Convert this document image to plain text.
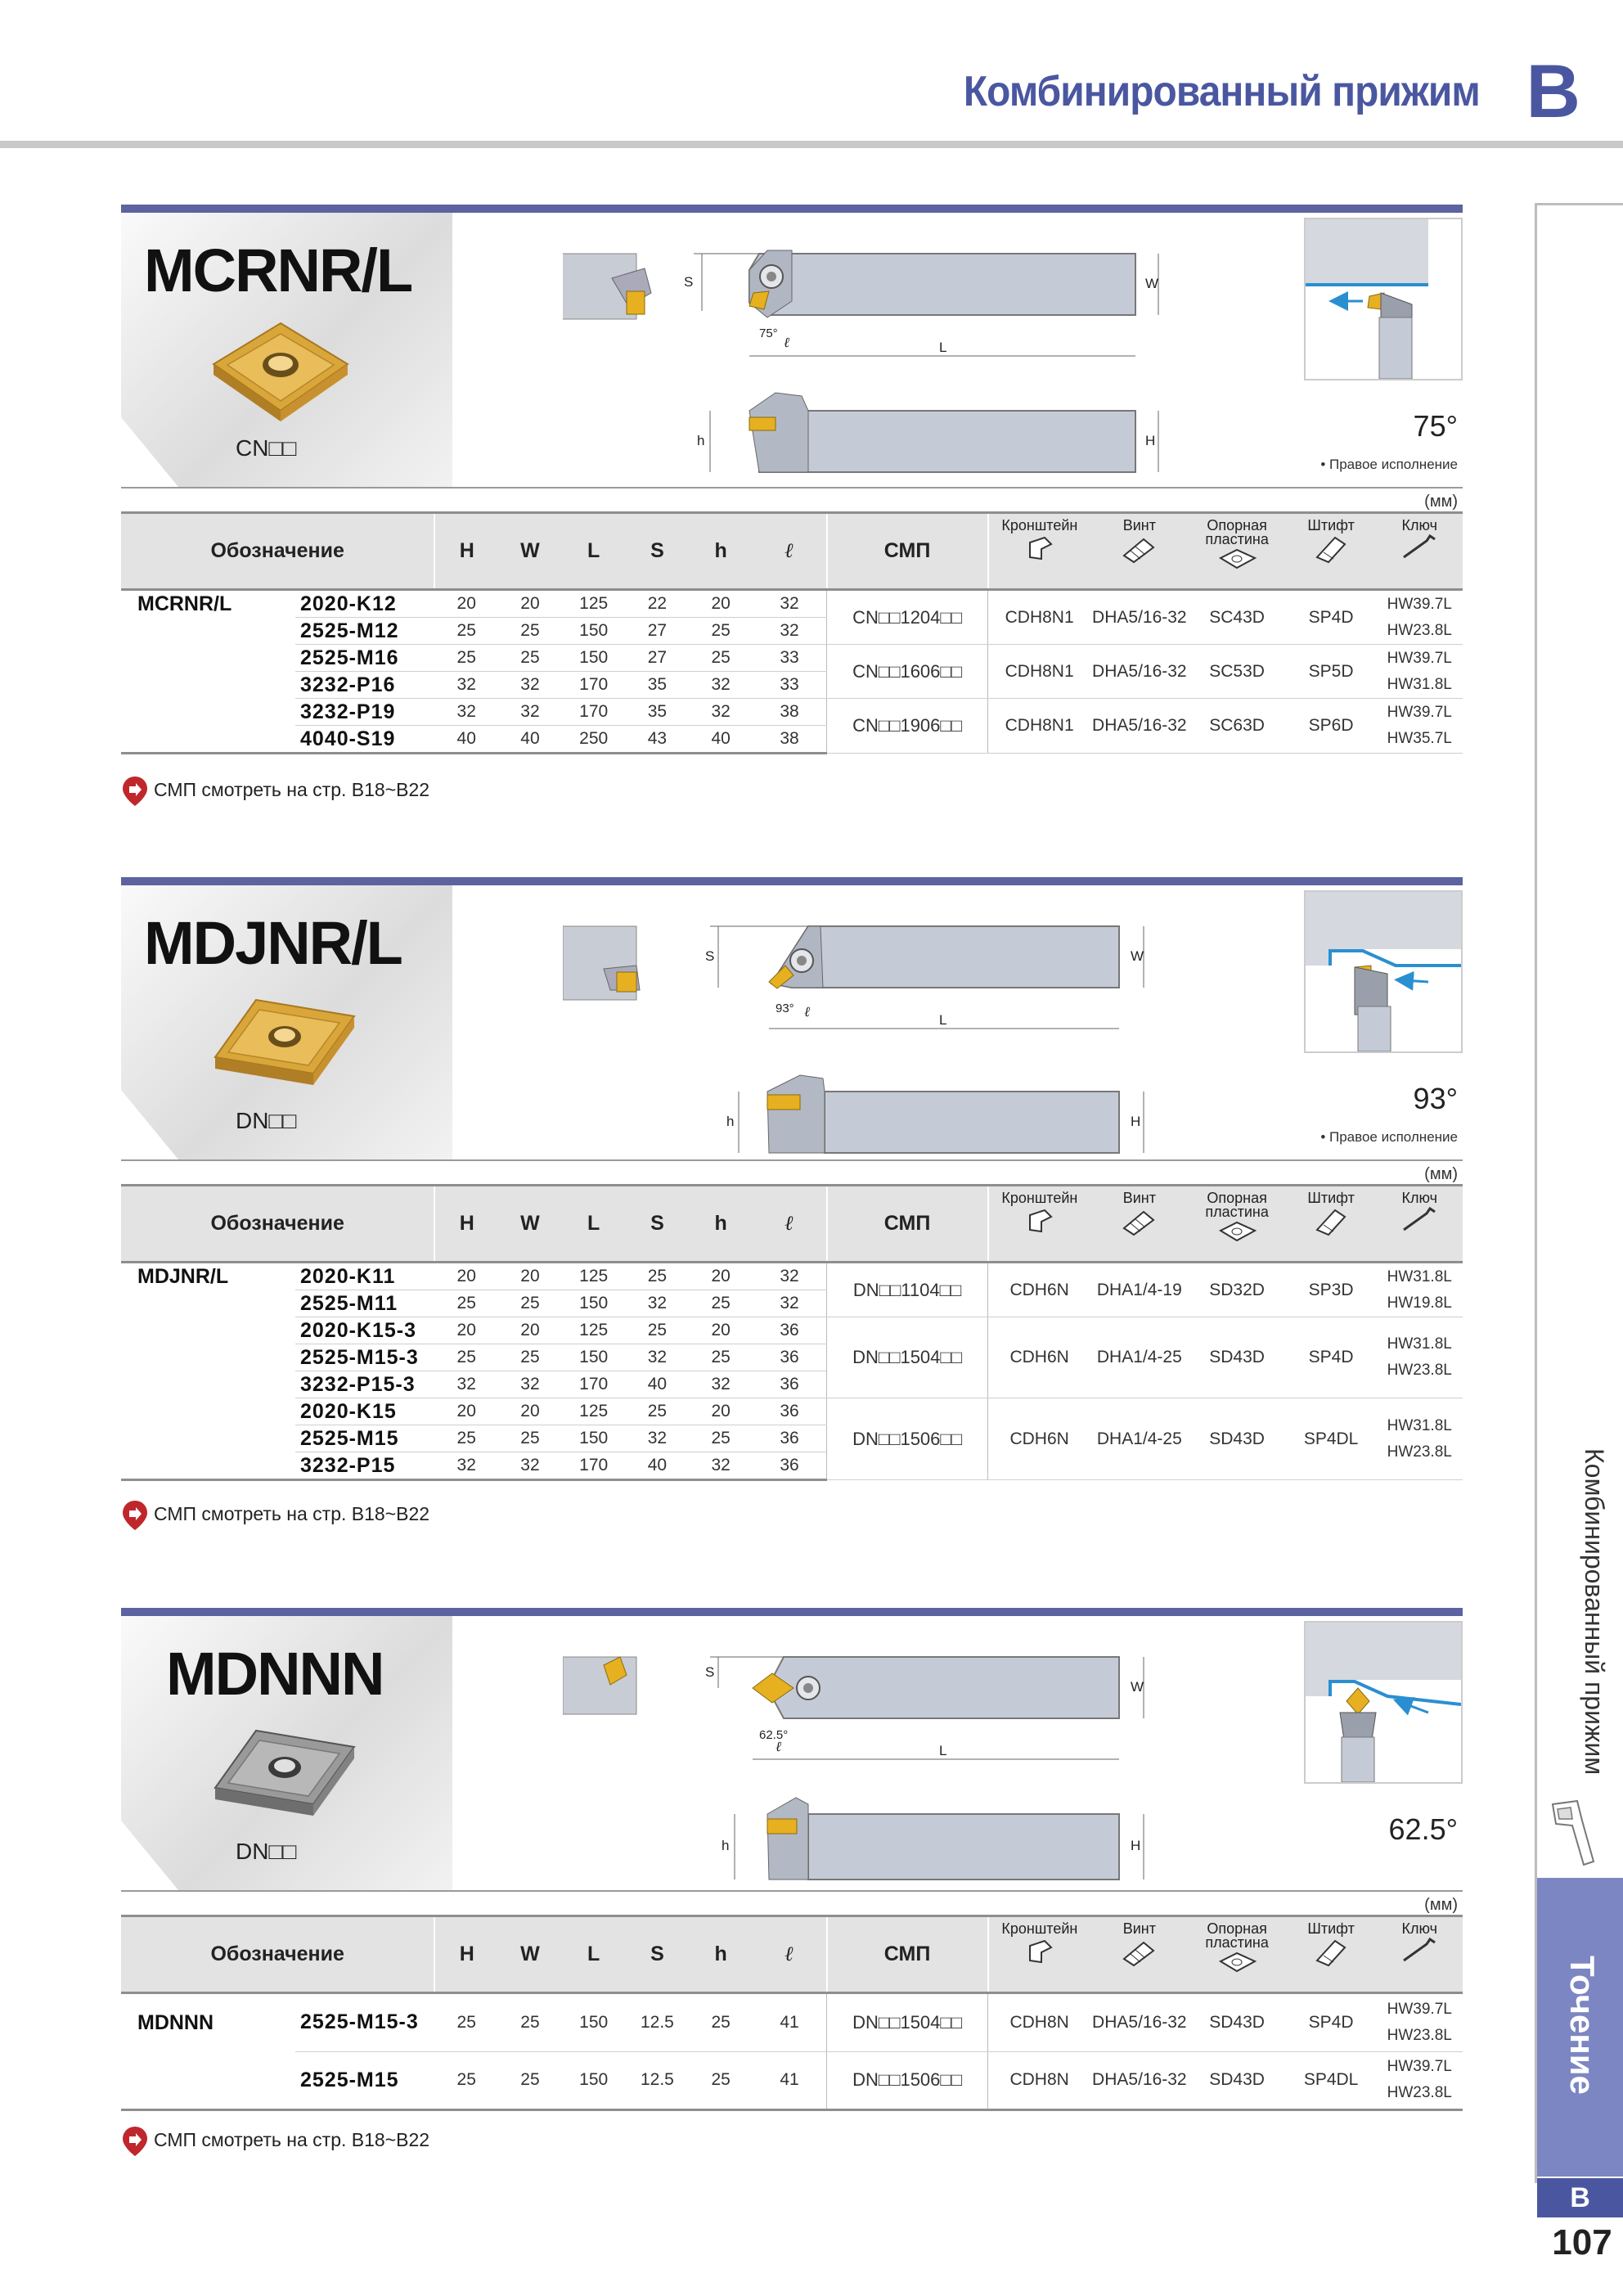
Комбинированный прижим B
Комбинированный прижим
Точение
B
107
MCRNR/L
CN□□
S	W
L
75°
ℓ
h	H	75°
• Правое исполнение
(мм)
Обозначение		H	W	L	S	h	ℓ	СМП	Кронштейн	Винт	Опорная пластина	Штифт	Ключ

MCRNR/L	2020-K12	20	20	125	22	20	32	CN□□1204□□	CDH8N1	DHA5/16-32	SC43D	SP4D	HW39.7L
HW23.8L
	2525-M12	25	25	150	27	25	32						
	2525-M16	25	25	150	27	25	33	CN□□1606□□	CDH8N1	DHA5/16-32	SC53D	SP5D	HW39.7L
HW31.8L
	3232-P16	32	32	170	35	32	33						
	3232-P19	32	32	170	35	32	38	CN□□1906□□	CDH8N1	DHA5/16-32	SC63D	SP6D	HW39.7L
HW35.7L
	4040-S19	40	40	250	43	40	38						
СМП смотреть на стр. B18~B22
MDJNR/L
DN□□
S	W
L
93° ℓ
h	H
93°
• Правое исполнение
(мм)
Обозначение		H	W	L	S	h	ℓ	СМП	Кронштейн	Винт	Опорная пластина	Штифт	Ключ

MDJNR/L	2020-K11	20	20	125	25	20	32	DN□□1104□□	CDH6N	DHA1/4-19	SD32D	SP3D	HW31.8L
HW19.8L
	2525-M11	25	25	150	32	25	32						
	2020-K15-3	20	20	125	25	20	36	DN□□1504□□	CDH6N	DHA1/4-25	SD43D	SP4D	HW31.8L
HW23.8L
	2525-M15-3	25	25	150	32	25	36						
	3232-P15-3	32	32	170	40	32	36						
	2020-K15	20	20	125	25	20	36	DN□□1506□□	CDH6N	DHA1/4-25	SD43D	SP4DL	HW31.8L
HW23.8L
	2525-M15	25	25	150	32	25	36						
	3232-P15	32	32	170	40	32	36						
СМП смотреть на стр. B18~B22
MDNNN
DN□□
S
W
L
62.5°
ℓ
h	H	62.5°
(мм)
Обозначение		H	W	L	S	h	ℓ	СМП	Кронштейн	Винт	Опорная пластина	Штифт	Ключ

MDNNN	2525-M15-3	25	25	150	12.5	25	41	DN□□1504□□	CDH8N	DHA5/16-32	SD43D	SP4D	HW39.7L
HW23.8L
	2525-M15	25	25	150	12.5	25	41	DN□□1506□□	CDH8N	DHA5/16-32	SD43D	SP4DL	HW39.7L
HW23.8L
СМП смотреть на стр. B18~B22
